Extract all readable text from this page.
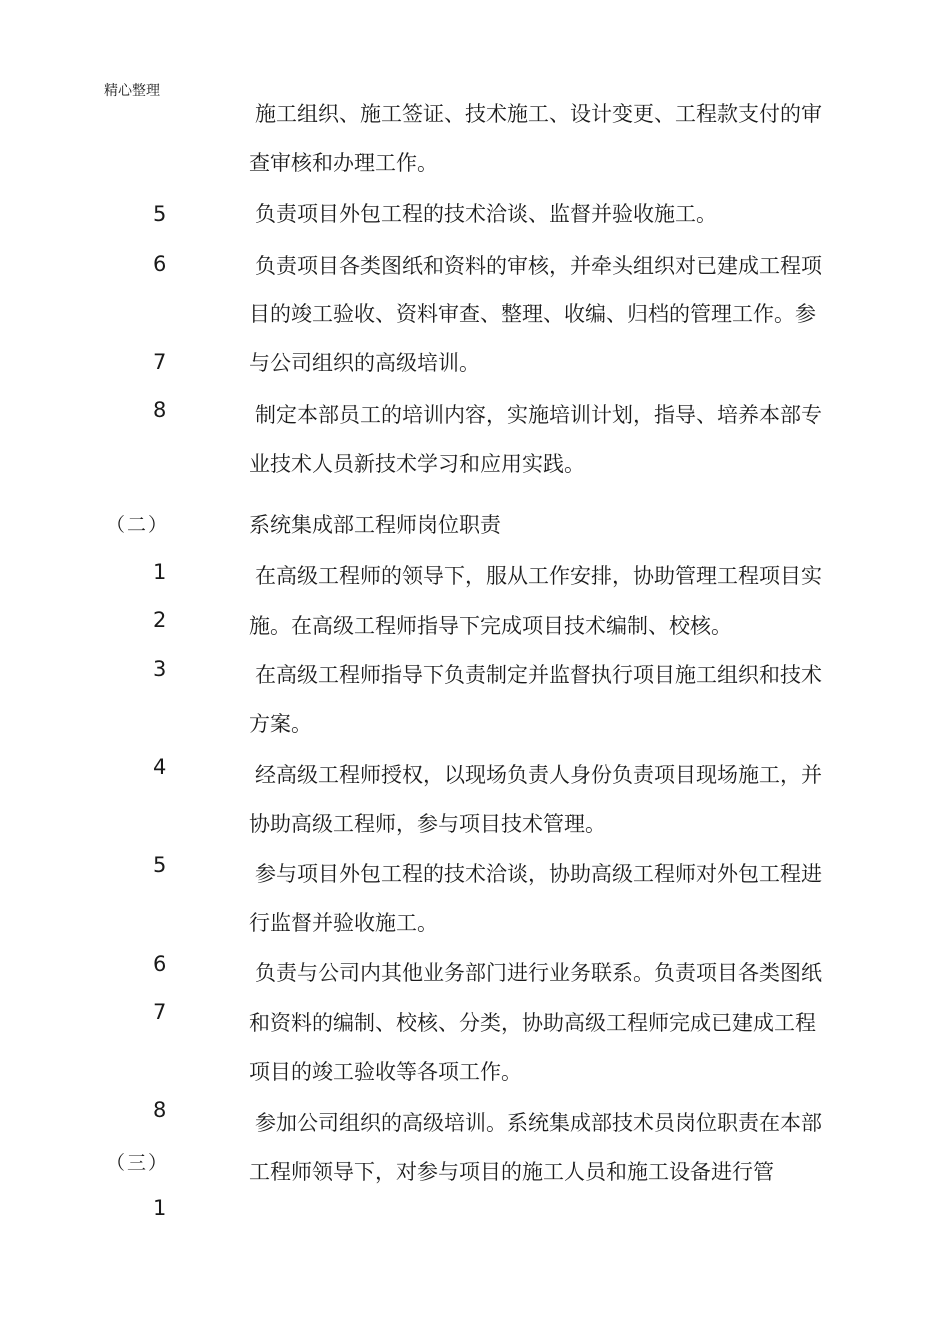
精心整理
5
6
7
8
1
2
3
4
5
6
7
8
1
（二）
（三）
施工组织、施工签证、技术施工、设计变更、工程款支付的审
查审核和办理工作。
负责项目外包工程的技术洽谈、监督并验收施工。
负责项目各类图纸和资料的审核，并牵头组织对已建成工程项
目的竣工验收、资料审查、整理、收编、归档的管理工作。参
与公司组织的高级培训。
制定本部员工的培训内容，实施培训计划，指导、培养本部专
业技术人员新技术学习和应用实践。
系统集成部工程师岗位职责
在高级工程师的领导下，服从工作安排，协助管理工程项目实
施。在高级工程师指导下完成项目技术编制、校核。
在高级工程师指导下负责制定并监督执行项目施工组织和技术
方案。
经高级工程师授权，以现场负责人身份负责项目现场施工，并
协助高级工程师，参与项目技术管理。
参与项目外包工程的技术洽谈，协助高级工程师对外包工程进
行监督并验收施工。
负责与公司内其他业务部门进行业务联系。负责项目各类图纸
和资料的编制、校核、分类，协助高级工程师完成已建成工程
项目的竣工验收等各项工作。
参加公司组织的高级培训。系统集成部技术员岗位职责在本部
工程师领导下，对参与项目的施工人员和施工设备进行管
